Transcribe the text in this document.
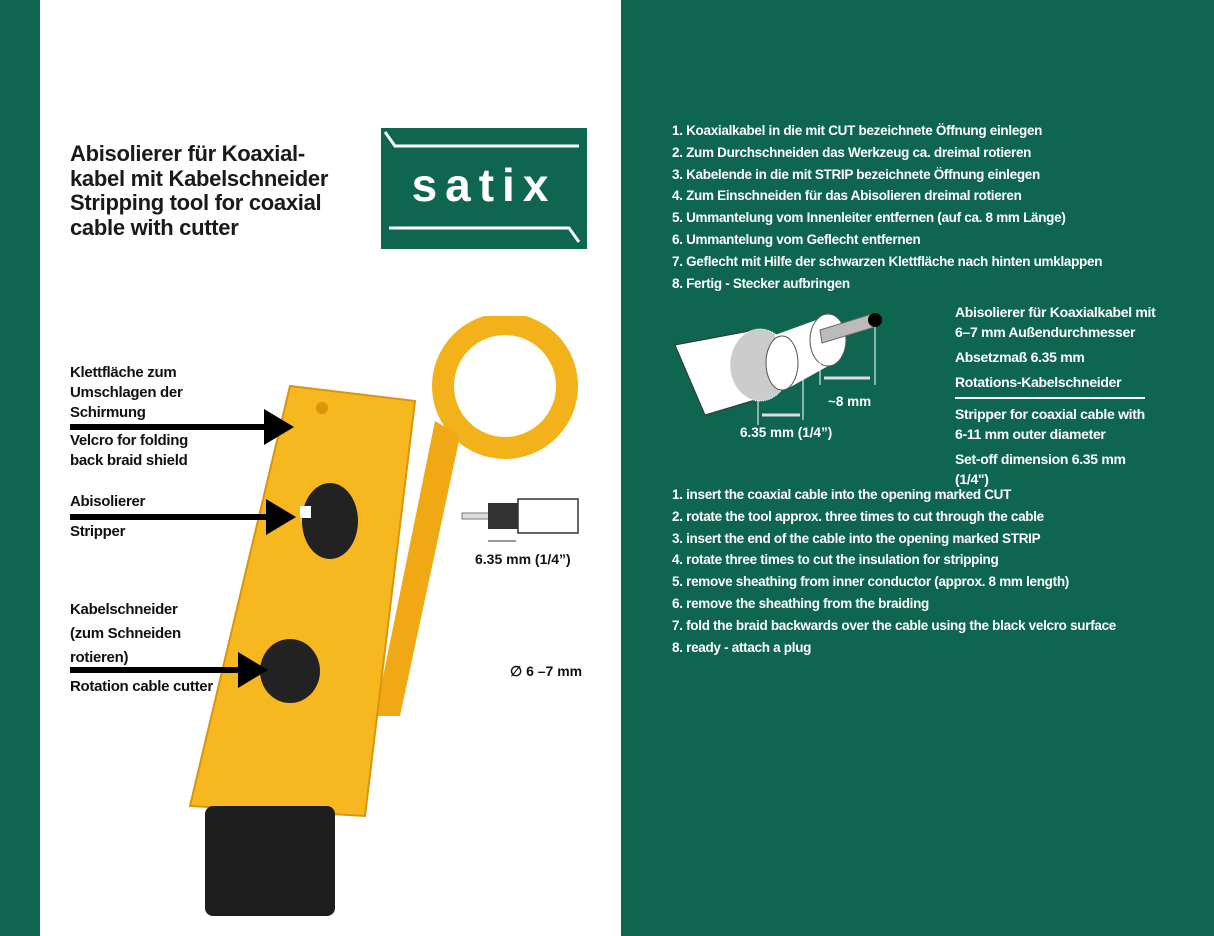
Abisolierer für Koaxial-
kabel mit Kabelschneider
Stripping tool for coaxial
cable with cutter
satix
Klettfläche zum
Umschlagen der
Schirmung
Velcro for folding
back braid shield
Abisolierer
Stripper
Kabelschneider
(zum Schneiden
rotieren)
Rotation cable cutter
6.35 mm (1/4”)
∅ 6 –7 mm
1. Koaxialkabel in die mit CUT bezeichnete Öffnung einlegen
2. Zum Durchschneiden das Werkzeug ca. dreimal rotieren
3. Kabelende in die mit STRIP bezeichnete Öffnung einlegen
4. Zum Einschneiden für das Abisolieren dreimal rotieren
5. Ummantelung vom Innenleiter entfernen (auf ca. 8 mm Länge)
6. Ummantelung vom Geflecht entfernen
7. Geflecht mit Hilfe der schwarzen Klettfläche nach hinten umklappen
8. Fertig - Stecker aufbringen
~8 mm
6.35 mm (1/4”)
Abisolierer für Koaxialkabel mit 6–7 mm Außendurchmesser
Absetzmaß 6.35 mm
Rotations-Kabelschneider
Stripper for coaxial cable with 6-11 mm outer diameter
Set-off dimension 6.35 mm (1/4")
1. insert the coaxial cable into the opening marked CUT
2. rotate the tool approx. three times to cut through the cable
3. insert the end of the cable into the opening marked STRIP
4. rotate three times to cut the insulation for stripping
5. remove sheathing from inner conductor (approx. 8 mm length)
6. remove the sheathing from the braiding
7. fold the braid backwards over the cable using the black velcro surface
8. ready - attach a plug
